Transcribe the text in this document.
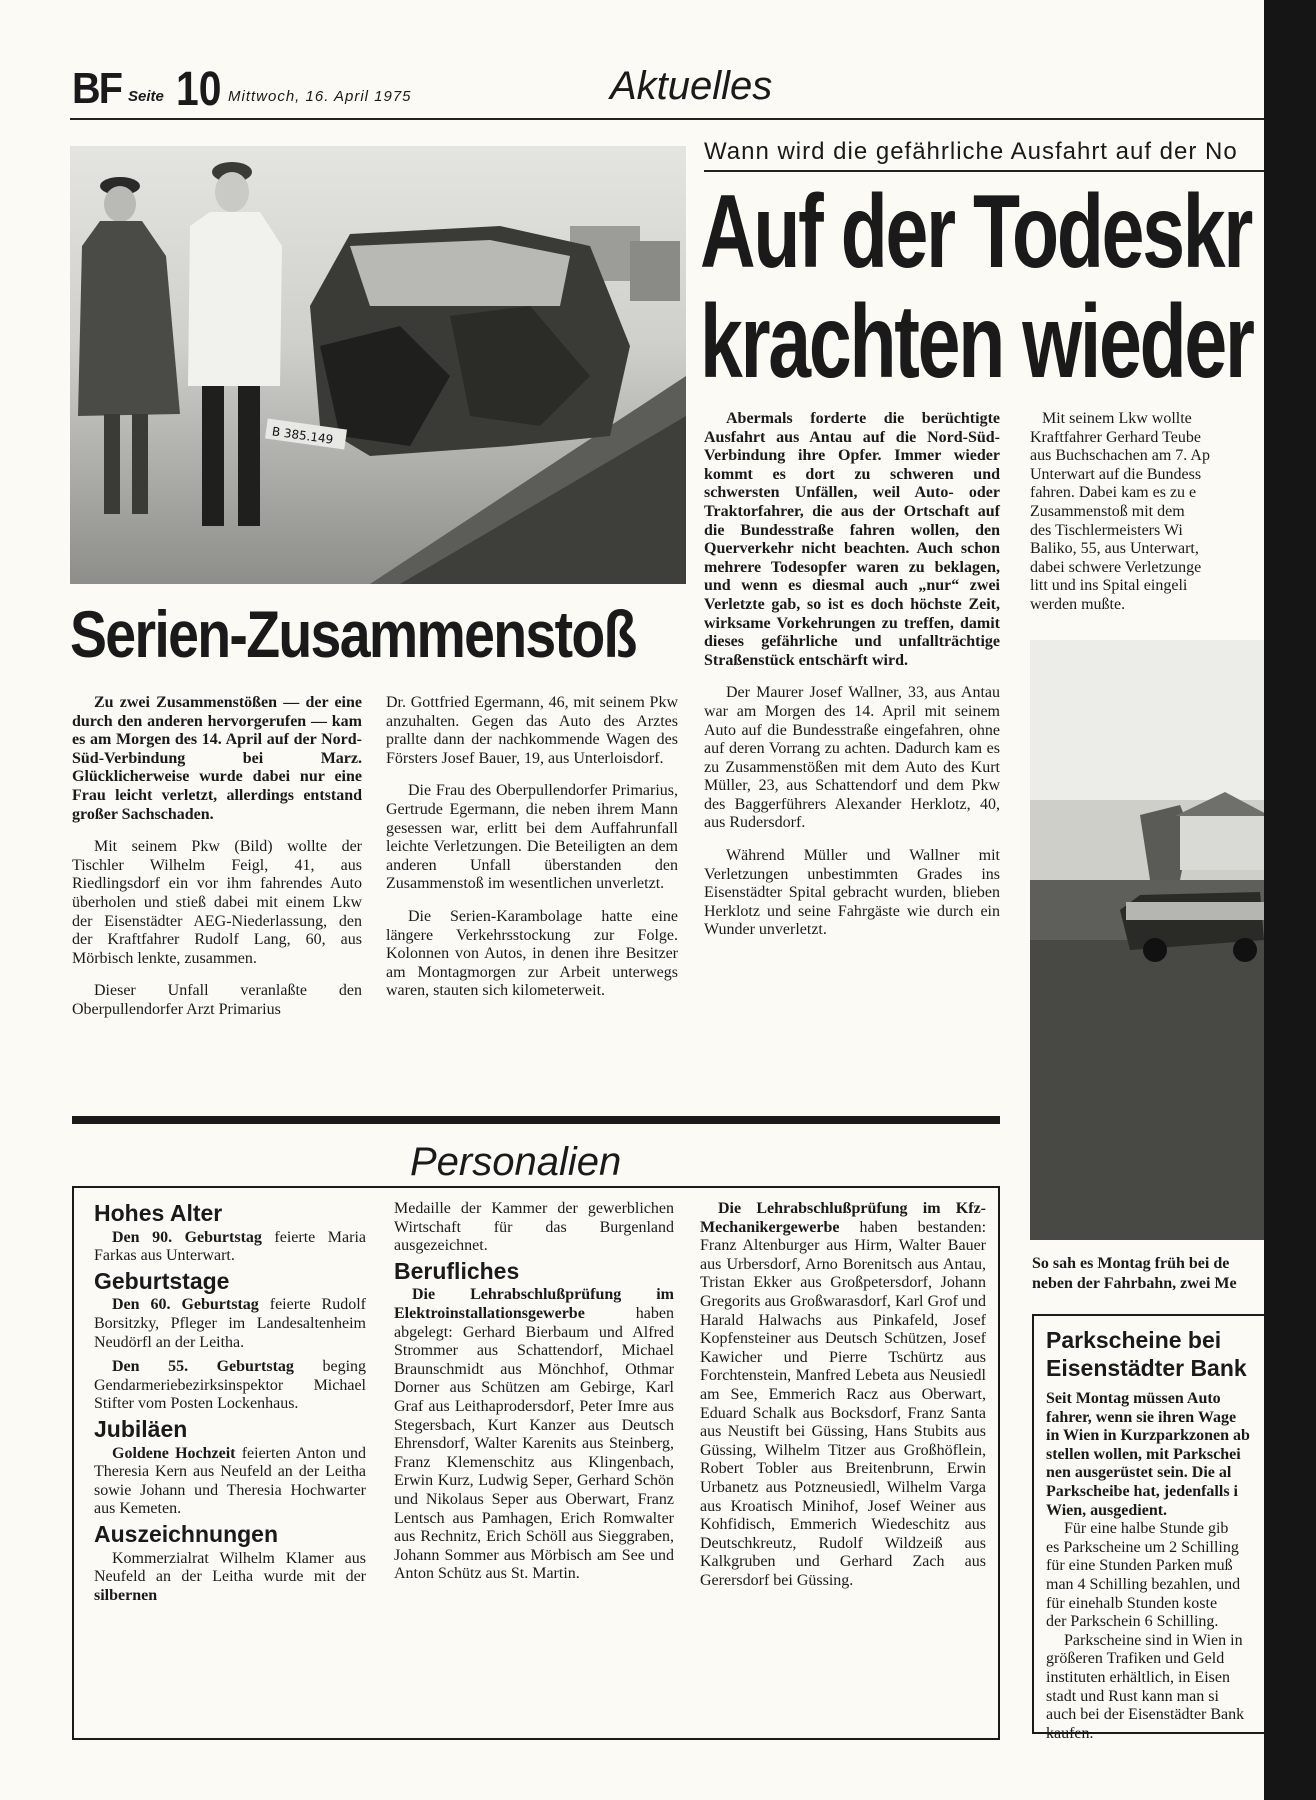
BF Seite 10 Mittwoch, 16. April 1975	Aktuelles
B 385.149
Serien-Zusammenstoß

Zu zwei Zusammenstößen — der eine durch den anderen hervorgerufen — kam es am Morgen des 14. April auf der Nord-Süd-Verbindung bei Marz. Glücklicherweise wurde dabei nur eine Frau leicht verletzt, allerdings entstand großer Sachschaden.

Mit seinem Pkw (Bild) wollte der Tischler Wilhelm Feigl, 41, aus Riedlingsdorf ein vor ihm fahrendes Auto überholen und stieß dabei mit einem Lkw der Eisenstädter AEG-Niederlassung, den der Kraftfahrer Rudolf Lang, 60, aus Mörbisch lenkte, zusammen.

Dieser Unfall veranlaßte den Oberpullendorfer Arzt Primarius

Dr. Gottfried Egermann, 46, mit seinem Pkw anzuhalten. Gegen das Auto des Arztes prallte dann der nachkommende Wagen des Försters Josef Bauer, 19, aus Unterloisdorf.

Die Frau des Oberpullendorfer Primarius, Gertrude Egermann, die neben ihrem Mann gesessen war, erlitt bei dem Auffahrunfall leichte Verletzungen. Die Beteiligten an dem anderen Unfall überstanden den Zusammenstoß im wesentlichen unverletzt.

Die Serien-Karambolage hatte eine längere Verkehrsstockung zur Folge. Kolonnen von Autos, in denen ihre Besitzer am Montagmorgen zur Arbeit unterwegs waren, stauten sich kilometerweit.

Wann wird die gefährliche Ausfahrt auf der No
Auf der Todeskr
krachten wieder

Abermals forderte die berüchtigte Ausfahrt aus Antau auf die Nord-Süd-Verbindung ihre Opfer. Immer wieder kommt es dort zu schweren und schwersten Unfällen, weil Auto- oder Traktorfahrer, die aus der Ortschaft auf die Bundesstraße fahren wollen, den Querverkehr nicht beachten. Auch schon mehrere Todesopfer waren zu beklagen, und wenn es diesmal auch „nur“ zwei Verletzte gab, so ist es doch höchste Zeit, wirksame Vorkehrungen zu treffen, damit dieses gefährliche und unfallträchtige Straßenstück entschärft wird.

Der Maurer Josef Wallner, 33, aus Antau war am Morgen des 14. April mit seinem Auto auf die Bundesstraße eingefahren, ohne auf deren Vorrang zu achten. Dadurch kam es zu Zusammenstößen mit dem Auto des Kurt Müller, 23, aus Schattendorf und dem Pkw des Baggerführers Alexander Herklotz, 40, aus Rudersdorf.

Während Müller und Wallner mit Verletzungen unbestimmten Grades ins Eisenstädter Spital gebracht wurden, blieben Herklotz und seine Fahrgäste wie durch ein Wunder unverletzt.

Mit seinem Lkw wollte
Kraftfahrer Gerhard Teube
aus Buchschachen am 7. Ap
Unterwart auf die Bundess
fahren. Dabei kam es zu e
Zusammenstoß mit dem
des Tischlermeisters Wi
Baliko, 55, aus Unterwart,
dabei schwere Verletzunge
litt und ins Spital eingeli
werden mußte.
So sah es Montag früh bei de
neben der Fahrbahn, zwei Me
Personalien
Hohes Alter

Den 90. Geburtstag feierte Maria Farkas aus Unterwart.

Geburtstage

Den 60. Geburtstag feierte Rudolf Borsitzky, Pfleger im Landesaltenheim Neudörfl an der Leitha.

Den 55. Geburtstag beging Gendarmeriebezirksinspektor Michael Stifter vom Posten Lockenhaus.

Jubiläen

Goldene Hochzeit feierten Anton und Theresia Kern aus Neufeld an der Leitha sowie Johann und Theresia Hochwarter aus Kemeten.

Auszeichnungen

Kommerzialrat Wilhelm Klamer aus Neufeld an der Leitha wurde mit der silbernen

Medaille der Kammer der gewerblichen Wirtschaft für das Burgenland ausgezeichnet.

Berufliches

Die Lehrabschlußprüfung im Elektroinstallationsgewerbe	haben abgelegt: Gerhard Bierbaum und Alfred Strommer aus Schattendorf, Michael Braunschmidt aus Mönchhof, Othmar Dorner aus Schützen am Gebirge, Karl Graf aus Leithaprodersdorf, Peter Imre aus Stegersbach, Kurt Kanzer aus Deutsch Ehrensdorf, Walter Karenits aus Steinberg, Franz Klemenschitz aus Klingenbach, Erwin Kurz, Ludwig Seper, Gerhard Schön und Nikolaus Seper aus Oberwart, Franz Lentsch aus Pamhagen, Erich Romwalter aus Rechnitz, Erich Schöll aus Sieggraben, Johann Sommer aus Mörbisch am See und Anton Schütz aus St. Martin.

Die Lehrabschlußprüfung im Kfz-Mechanikergewerbe haben bestanden: Franz Altenburger aus Hirm, Walter Bauer aus Urbersdorf, Arno Borenitsch aus Antau, Tristan Ekker aus Großpetersdorf, Johann Gregorits aus Großwarasdorf, Karl Grof und Harald Halwachs aus Pinkafeld, Josef Kopfensteiner aus Deutsch Schützen, Josef Kawicher und Pierre Tschürtz aus Forchtenstein, Manfred Lebeta aus Neusiedl am See, Emmerich Racz aus Oberwart, Eduard Schalk aus Bocksdorf, Franz Santa aus Neustift bei Güssing, Hans Stubits aus Güssing, Wilhelm Titzer aus Großhöflein, Robert Tobler aus Breitenbrunn, Erwin Urbanetz aus Potzneusiedl, Wilhelm Varga aus Kroatisch Minihof, Josef Weiner aus Kohfidisch, Emmerich Wiedeschitz aus Deutschkreutz, Rudolf Wildzeiß aus Kalkgruben und Gerhard Zach aus Gerersdorf bei Güssing.

Parkscheine bei
Eisenstädter Bank
Seit Montag müssen Auto
fahrer, wenn sie ihren Wage
in Wien in Kurzparkzonen ab
stellen wollen, mit Parkschei
nen ausgerüstet sein. Die al
Parkscheibe hat, jedenfalls i
Wien, ausgedient.
Für eine halbe Stunde gib
es Parkscheine um 2 Schilling
für eine Stunden Parken muß
man 4 Schilling bezahlen, und
für einehalb Stunden koste
der Parkschein 6 Schilling.
Parkscheine sind in Wien in
größeren Trafiken und Geld
instituten erhältlich, in Eisen
stadt und Rust kann man si
auch bei der Eisenstädter Bank
kaufen.
